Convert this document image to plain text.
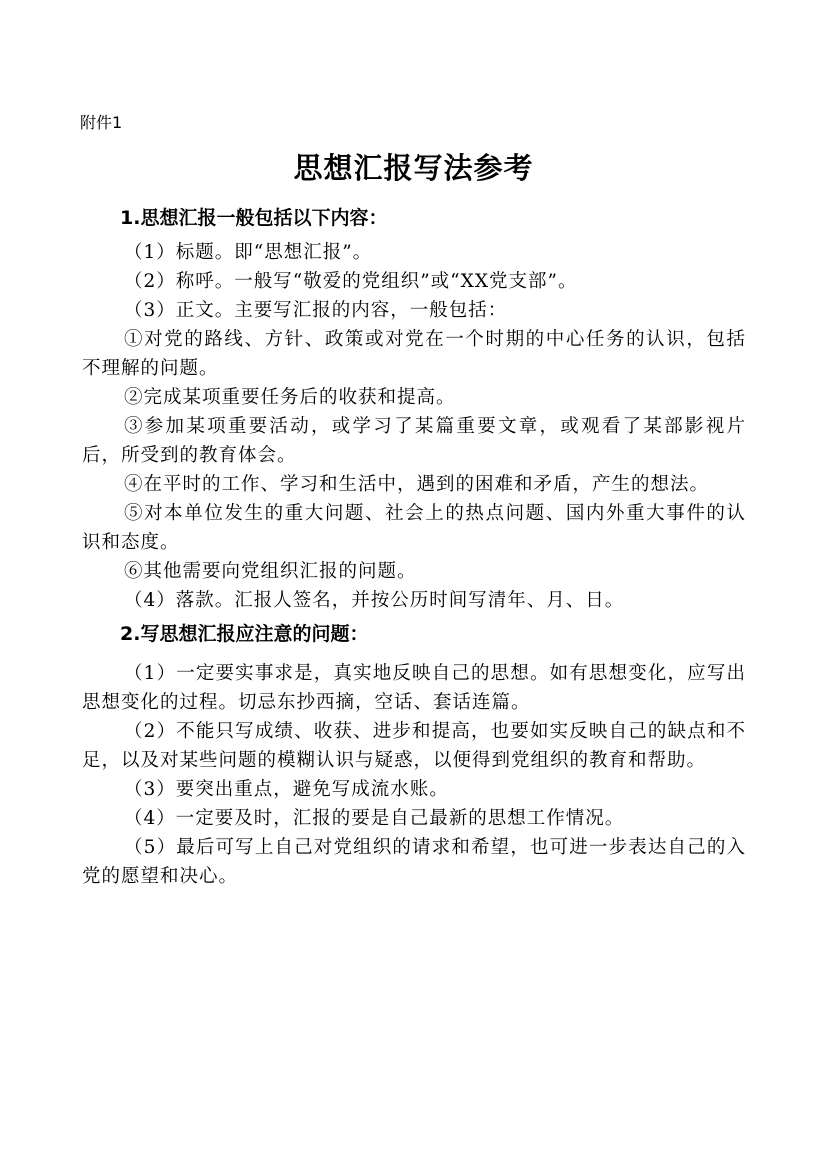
附件1
思想汇报写法参考
1.思想汇报一般包括以下内容：

（1）标题。即“思想汇报”。

（2）称呼。一般写“敬爱的党组织”或“XX党支部”。

（3）正文。主要写汇报的内容，一般包括：

①对党的路线、方针、政策或对党在一个时期的中心任务的认识，包括不理解的问题。

②完成某项重要任务后的收获和提高。

③参加某项重要活动，或学习了某篇重要文章，或观看了某部影视片后，所受到的教育体会。

④在平时的工作、学习和生活中，遇到的困难和矛盾，产生的想法。

⑤对本单位发生的重大问题、社会上的热点问题、国内外重大事件的认识和态度。

⑥其他需要向党组织汇报的问题。

（4）落款。汇报人签名，并按公历时间写清年、月、日。

2.写思想汇报应注意的问题：

（1）一定要实事求是，真实地反映自己的思想。如有思想变化，应写出思想变化的过程。切忌东抄西摘，空话、套话连篇。

（2）不能只写成绩、收获、进步和提高，也要如实反映自己的缺点和不足，以及对某些问题的模糊认识与疑惑，以便得到党组织的教育和帮助。

（3）要突出重点，避免写成流水账。

（4）一定要及时，汇报的要是自己最新的思想工作情况。

（5）最后可写上自己对党组织的请求和希望，也可进一步表达自己的入党的愿望和决心。
